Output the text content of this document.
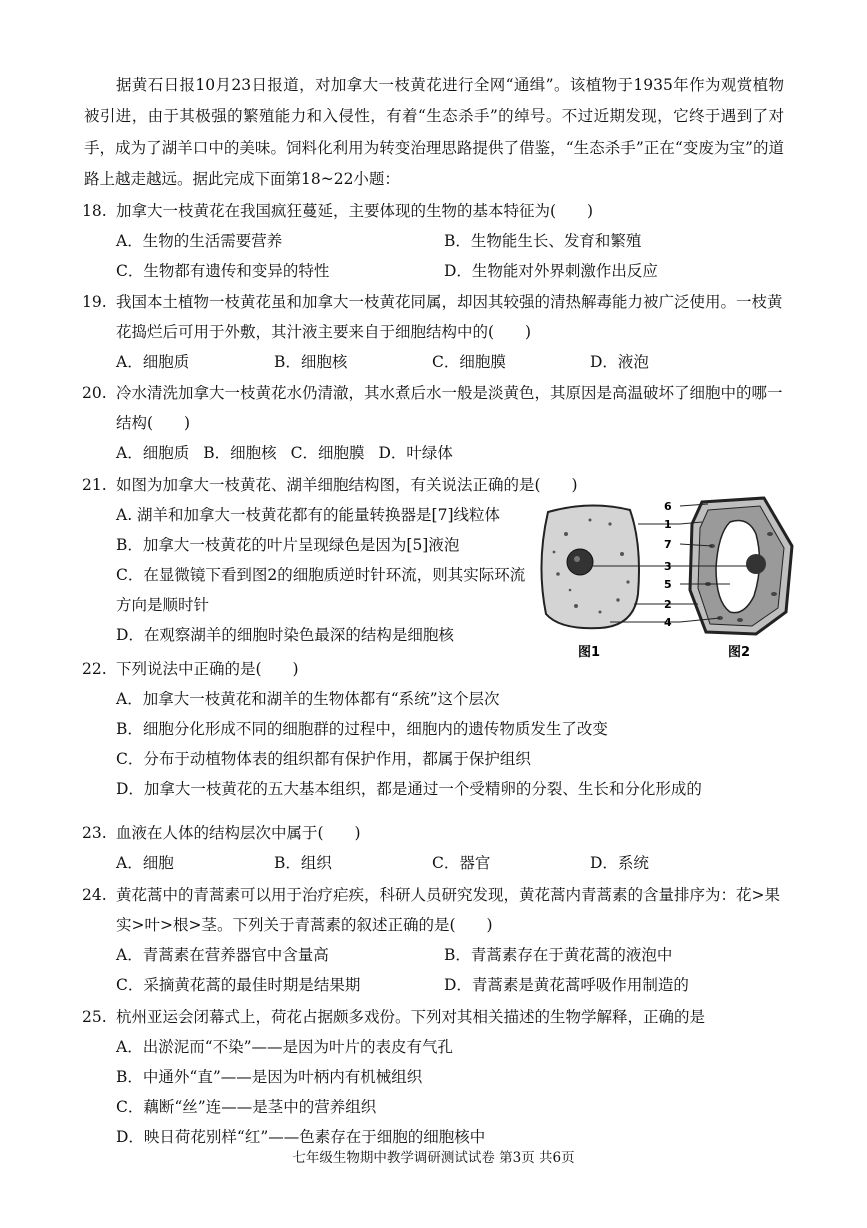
据黄石日报10月23日报道，对加拿大一枝黄花进行全网“通缉”。该植物于1935年作为观赏植物被引进，由于其极强的繁殖能力和入侵性，有着“生态杀手”的绰号。不过近期发现，它终于遇到了对手，成为了湖羊口中的美味。饲料化利用为转变治理思路提供了借鉴，“生态杀手”正在“变废为宝”的道路上越走越远。据此完成下面第18~22小题：

18. 加拿大一枝黄花在我国疯狂蔓延，主要体现的生物的基本特征为(　　)
A．生物的生活需要营养	B．生物能生长、发育和繁殖 C．生物都有遗传和变异的特性	D．生物能对外界刺激作出反应
19. 我国本土植物一枝黄花虽和加拿大一枝黄花同属，却因其较强的清热解毒能力被广泛使用。一枝黄花捣烂后可用于外敷，其汁液主要来自于细胞结构中的(　　)
A．细胞质	B．细胞核	C．细胞膜	D．液泡
20. 冷水清洗加拿大一枝黄花水仍清澈，其水煮后水一般是淡黄色，其原因是高温破坏了细胞中的哪一结构(　　)
A．细胞质 B．细胞核 C．细胞膜 D．叶绿体
21. 如图为加拿大一枝黄花、湖羊细胞结构图，有关说法正确的是(　　)
A. 湖羊和加拿大一枝黄花都有的能量转换器是[7]线粒体
B．加拿大一枝黄花的叶片呈现绿色是因为[5]液泡
C．在显微镜下看到图2的细胞质逆时针环流，则其实际环流方向是顺时针
D．在观察湖羊的细胞时染色最深的结构是细胞核
6
1
7
3
5
2
4
图1	图2
22. 下列说法中正确的是(　　)
A．加拿大一枝黄花和湖羊的生物体都有“系统”这个层次
B．细胞分化形成不同的细胞群的过程中，细胞内的遗传物质发生了改变
C．分布于动植物体表的组织都有保护作用，都属于保护组织
D．加拿大一枝黄花的五大基本组织，都是通过一个受精卵的分裂、生长和分化形成的
23. 血液在人体的结构层次中属于(　　)
A．细胞	B．组织	C．器官	D．系统
24. 黄花蒿中的青蒿素可以用于治疗疟疾，科研人员研究发现，黄花蒿内青蒿素的含量排序为：花>果实>叶>根>茎。下列关于青蒿素的叙述正确的是(　　)
A．青蒿素在营养器官中含量高	B．青蒿素存在于黄花蒿的液泡中 C．采摘黄花蒿的最佳时期是结果期	D．青蒿素是黄花蒿呼吸作用制造的
25. 杭州亚运会闭幕式上，荷花占据颇多戏份。下列对其相关描述的生物学解释，正确的是
A．出淤泥而“不染”——是因为叶片的表皮有气孔
B．中通外“直”——是因为叶柄内有机械组织
C．藕断“丝”连——是茎中的营养组织
D．映日荷花别样“红”——色素存在于细胞的细胞核中
七年级生物期中教学调研测试试卷 第3页 共6页
